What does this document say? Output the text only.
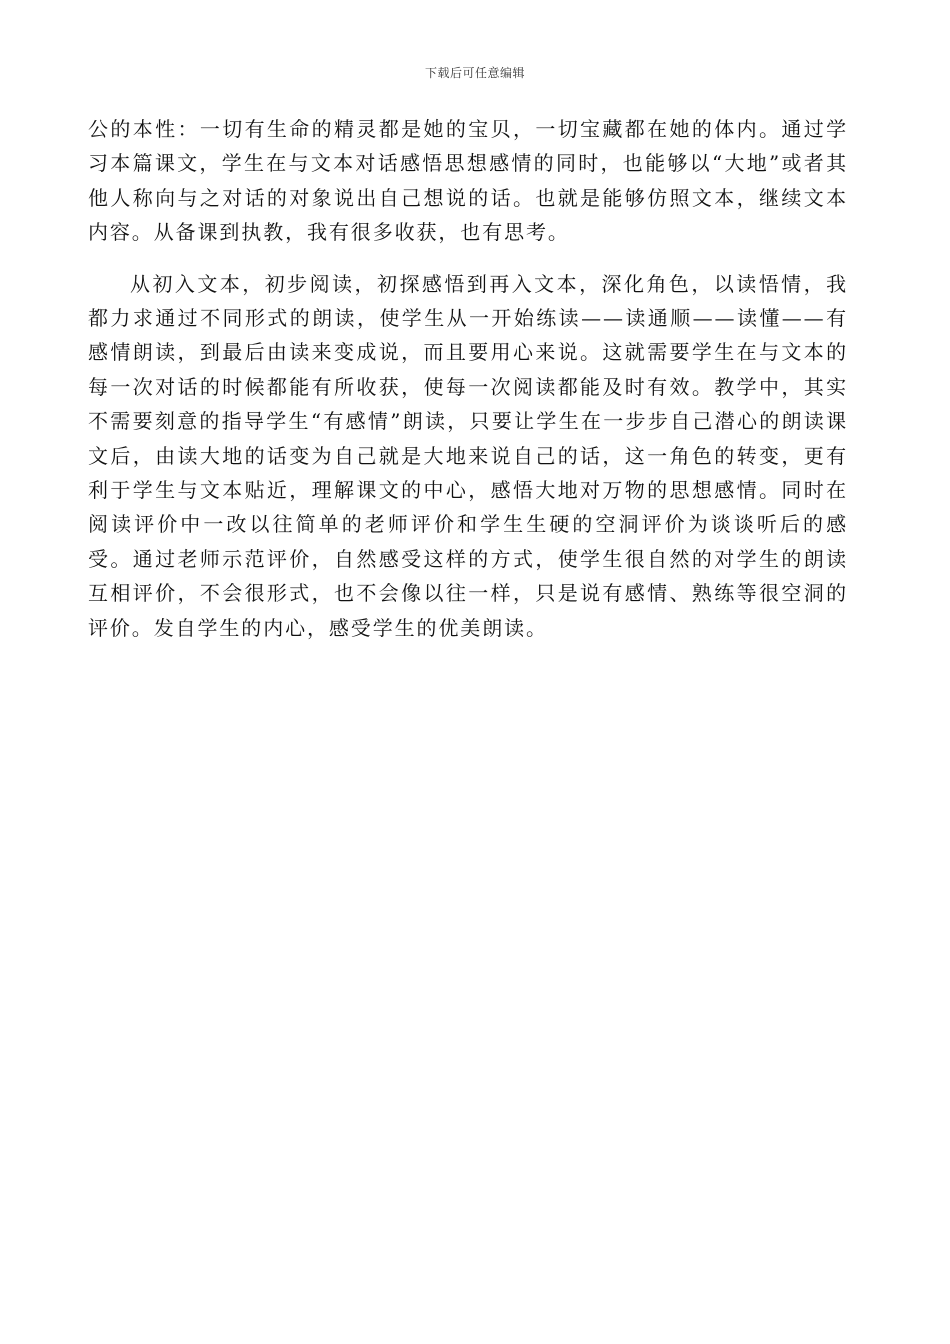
下载后可任意编辑

公的本性：一切有生命的精灵都是她的宝贝，一切宝藏都在她的体内。通过学习本篇课文，学生在与文本对话感悟思想感情的同时，也能够以“大地”或者其他人称向与之对话的对象说出自己想说的话。也就是能够仿照文本，继续文本内容。从备课到执教，我有很多收获，也有思考。

从初入文本，初步阅读，初探感悟到再入文本，深化角色，以读悟情，我都力求通过不同形式的朗读，使学生从一开始练读——读通顺——读懂——有感情朗读，到最后由读来变成说，而且要用心来说。这就需要学生在与文本的每一次对话的时候都能有所收获，使每一次阅读都能及时有效。教学中，其实不需要刻意的指导学生“有感情”朗读，只要让学生在一步步自己潜心的朗读课文后，由读大地的话变为自己就是大地来说自己的话，这一角色的转变，更有利于学生与文本贴近，理解课文的中心，感悟大地对万物的思想感情。同时在阅读评价中一改以往简单的老师评价和学生生硬的空洞评价为谈谈听后的感受。通过老师示范评价，自然感受这样的方式，使学生很自然的对学生的朗读互相评价，不会很形式，也不会像以往一样，只是说有感情、熟练等很空洞的评价。发自学生的内心，感受学生的优美朗读。
